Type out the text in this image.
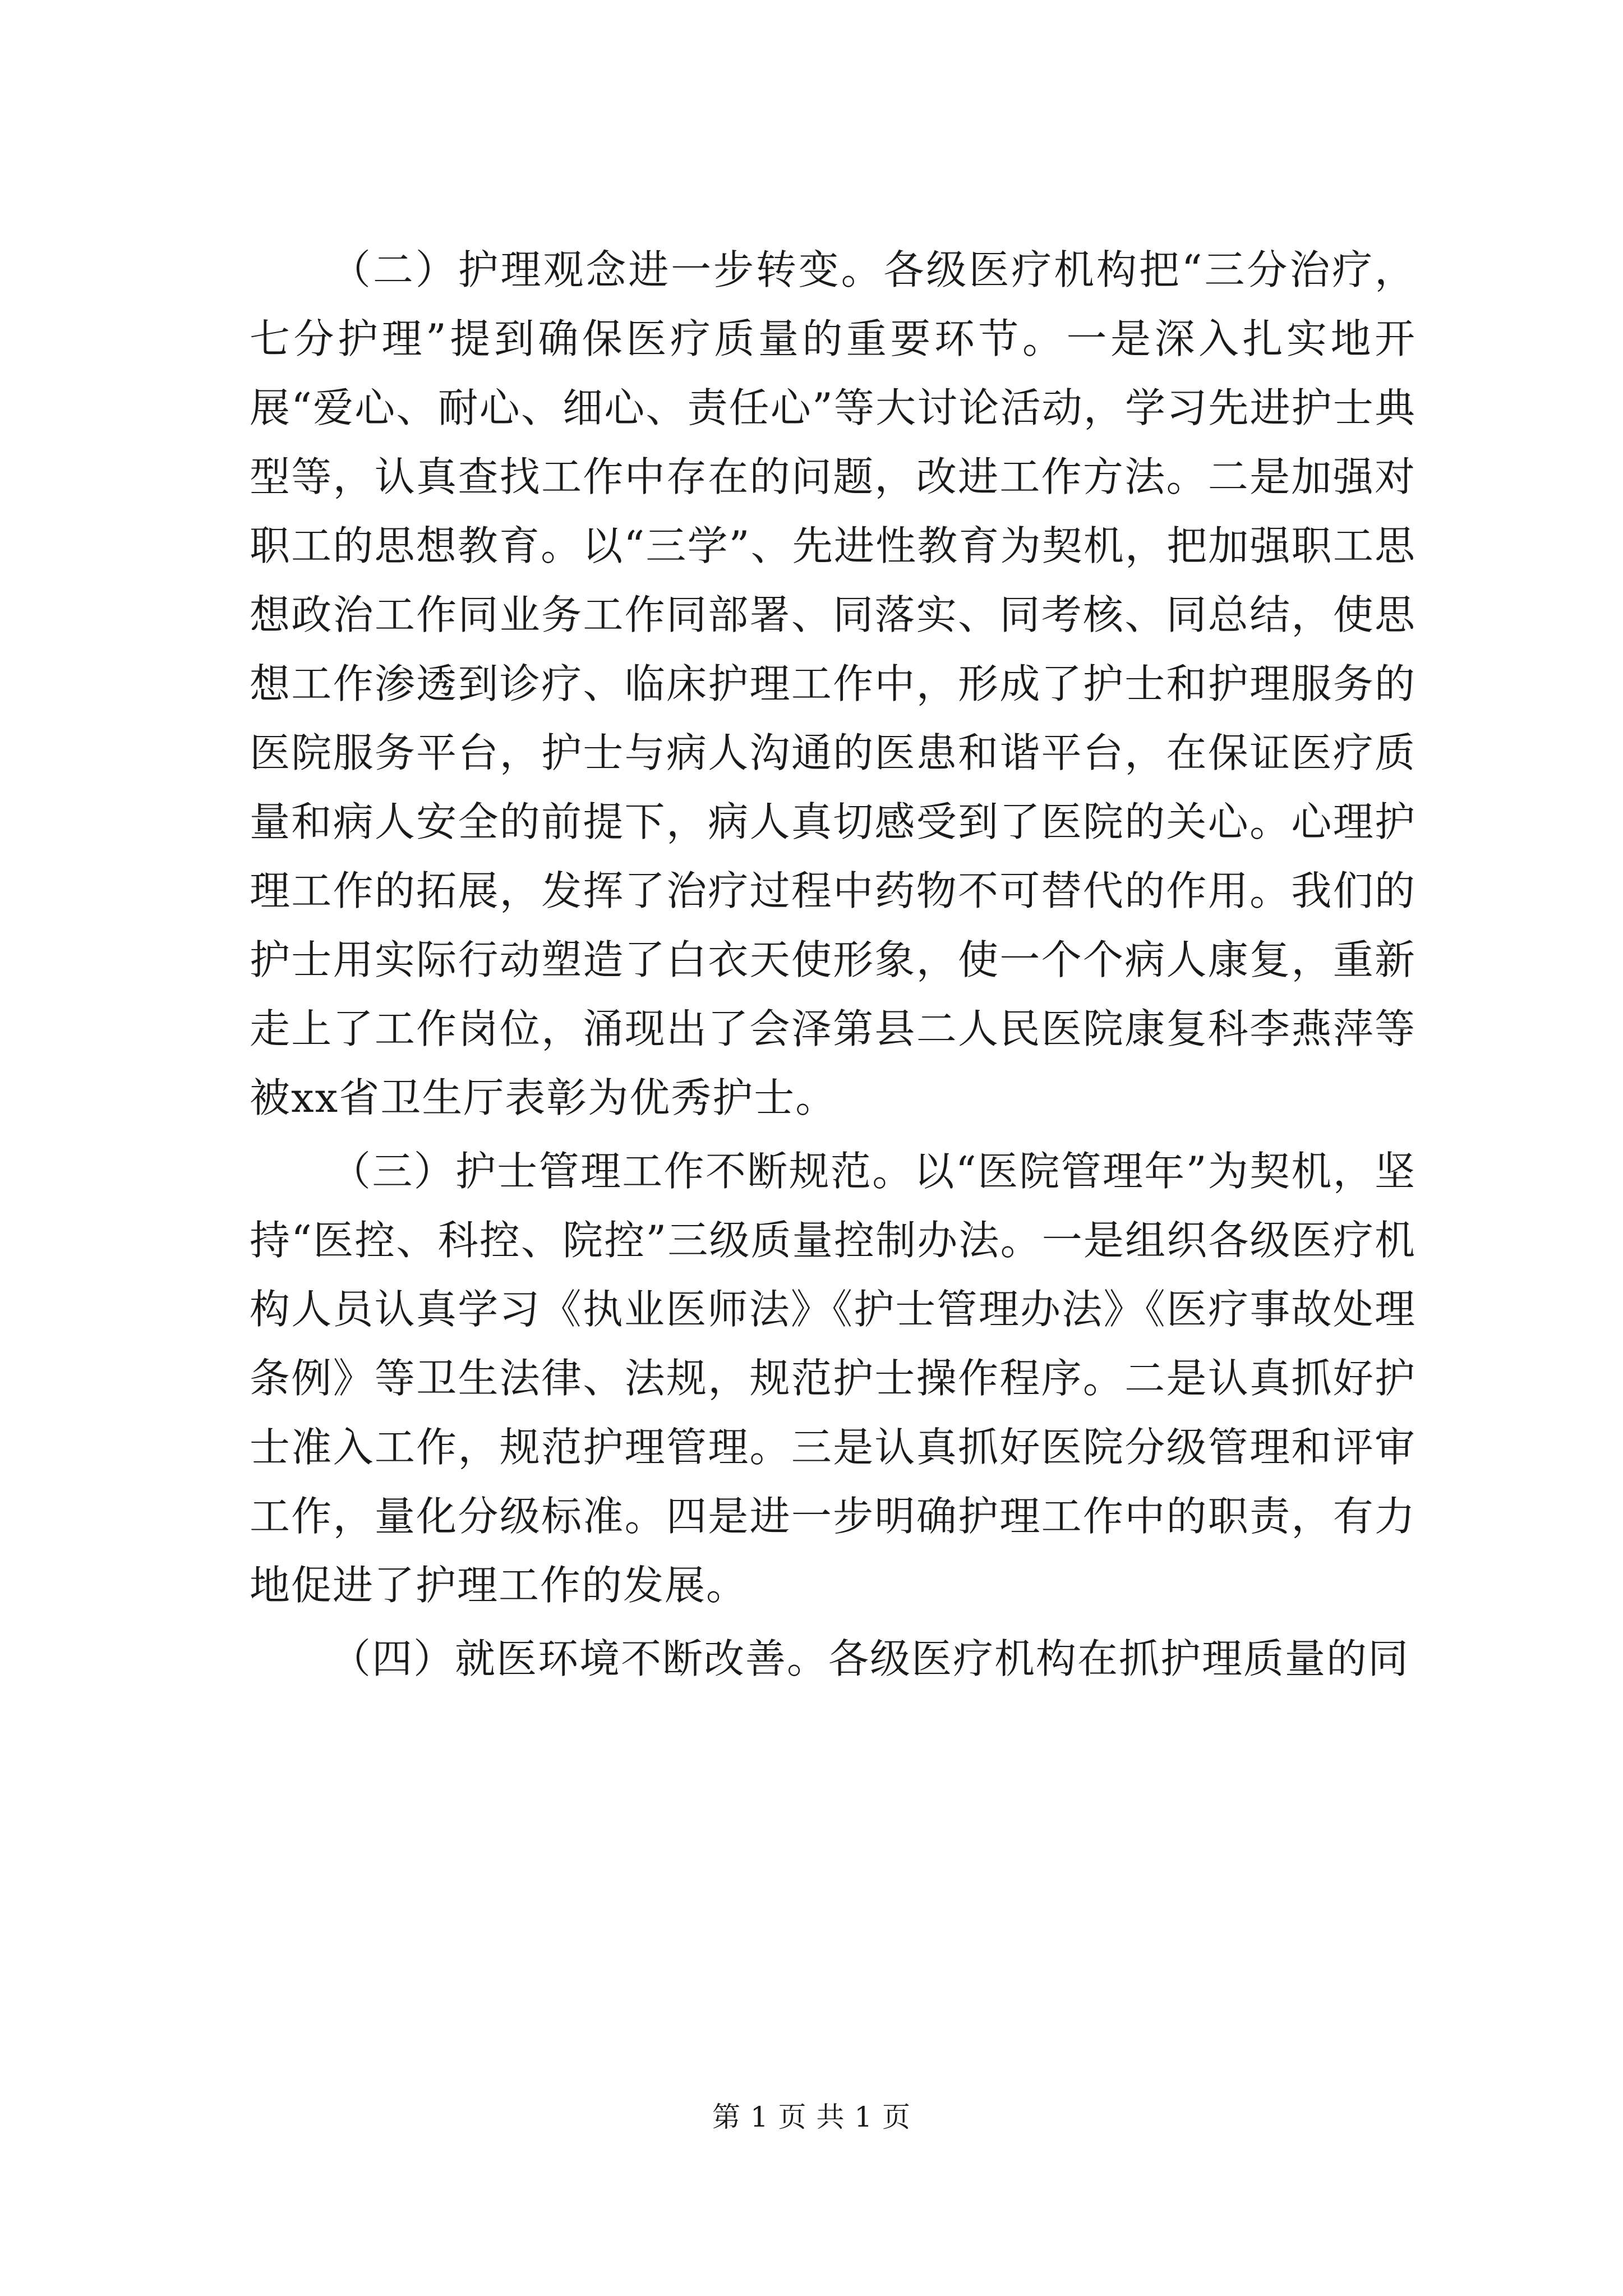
（二）护理观念进一步转变。各级医疗机构把“三分治疗，七分护理”提到确保医疗质量的重要环节。一是深入扎实地开展“爱心、耐心、细心、责任心”等大讨论活动，学习先进护士典型等，认真查找工作中存在的问题，改进工作方法。二是加强对职工的思想教育。以“三学”、先进性教育为契机，把加强职工思想政治工作同业务工作同部署、同落实、同考核、同总结，使思想工作渗透到诊疗、临床护理工作中，形成了护士和护理服务的医院服务平台，护士与病人沟通的医患和谐平台，在保证医疗质量和病人安全的前提下，病人真切感受到了医院的关心。心理护理工作的拓展，发挥了治疗过程中药物不可替代的作用。我们的护士用实际行动塑造了白衣天使形象，使一个个病人康复，重新走上了工作岗位，涌现出了会泽第县二人民医院康复科李燕萍等被xx省卫生厅表彰为优秀护士。

（三）护士管理工作不断规范。以“医院管理年”为契机，坚持“医控、科控、院控”三级质量控制办法。一是组织各级医疗机构人员认真学习《执业医师法》《护士管理办法》《医疗事故处理条例》等卫生法律、法规，规范护士操作程序。二是认真抓好护士准入工作，规范护理管理。三是认真抓好医院分级管理和评审工作，量化分级标准。四是进一步明确护理工作中的职责，有力地促进了护理工作的发展。

（四）就医环境不断改善。各级医疗机构在抓护理质量的同

第 1 页 共 1 页
